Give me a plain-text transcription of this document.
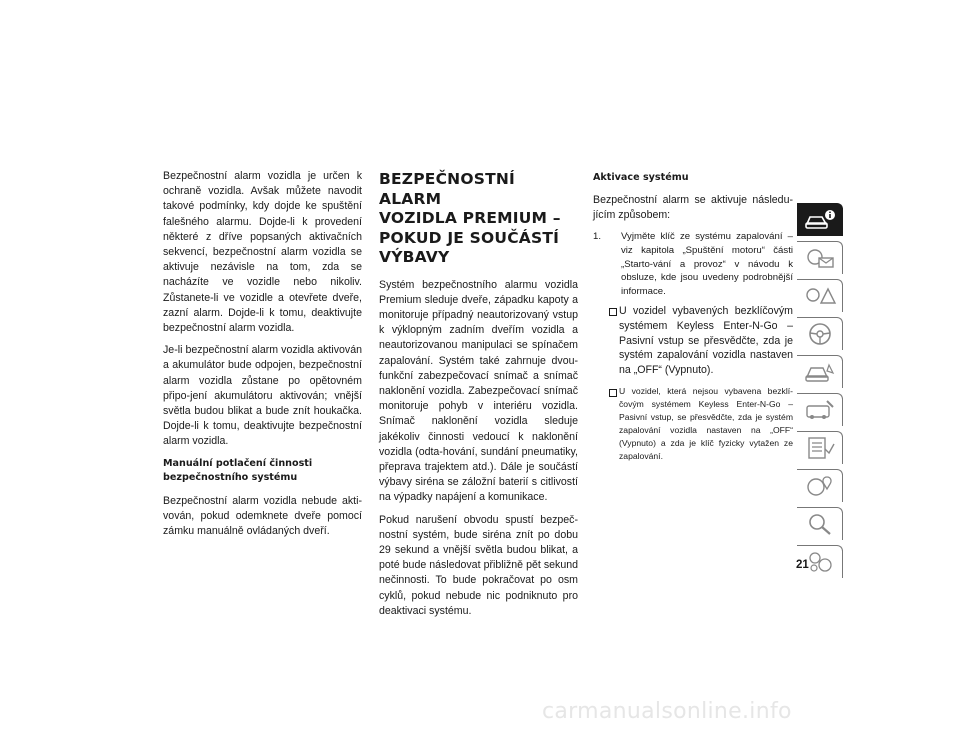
Bezpečnostní alarm vozidla je určen k ochraně vozidla. Avšak můžete navodit takové podmínky, kdy dojde ke spuštění falešného alarmu. Dojde-li k provedení některé z dříve popsaných aktivačních sekvencí, bezpečnostní alarm vozidla se aktivuje nezávisle na tom, zda se nacházíte ve vozidle nebo nikoliv. Zůstanete-li ve vozidle a otevřete dveře, zazní alarm. Dojde-li k tomu, deaktivujte bezpečnostní alarm vozidla.

Je-li bezpečnostní alarm vozidla aktivován a akumulátor bude odpojen, bezpečnostní alarm vozidla zůstane po opětovném připo-jení akumulátoru aktivován; vnější světla budou blikat a bude znít houkačka. Dojde-li k tomu, deaktivujte bezpečnostní alarm vozidla.

Manuální potlačení činnosti
bezpečnostního systému

Bezpečnostní alarm vozidla nebude akti-vován, pokud odemknete dveře pomocí zámku manuálně ovládaných dveří.

BEZPEČNOSTNÍ ALARM
VOZIDLA PREMIUM –
POKUD JE SOUČÁSTÍ
VÝBAVY

Systém bezpečnostního alarmu vozidla Premium sleduje dveře, západku kapoty a monitoruje případný neautorizovaný vstup k výklopným zadním dveřím vozidla a neautorizovanou manipulaci se spínačem zapalování. Systém také zahrnuje dvou-funkční zabezpečovací snímač a snímač naklonění vozidla. Zabezpečovací snímač monitoruje pohyb v interiéru vozidla. Snímač naklonění vozidla sleduje jakékoliv činnosti vedoucí k naklonění vozidla (odta-hování, sundání pneumatiky, přeprava trajektem atd.). Dále je součástí výbavy siréna se záložní baterií s citlivostí na výpadky napájení a komunikace.

Pokud narušení obvodu spustí bezpeč-nostní systém, bude siréna znít po dobu 29 sekund a vnější světla budou blikat, a poté bude následovat přibližně pět sekund nečinnosti. To bude pokračovat po osm cyklů, pokud nebude nic podniknuto pro deaktivaci systému.

Aktivace systému

Bezpečnostní alarm se aktivuje následu-jícím způsobem:

1. Vyjměte klíč ze systému zapalování – viz kapitola „Spuštění motoru“ části „Starto-vání a provoz“ v návodu k obsluze, kde jsou uvedeny podrobnější informace.
U vozidel vybavených bezklíčovým systémem Keyless Enter-N-Go – Pasivní vstup se přesvědčte, zda je systém zapalování vozidla nastaven na „OFF“ (Vypnuto).
U vozidel, která nejsou vybavena bezklí-čovým systémem Keyless Enter-N-Go – Pasivní vstup, se přesvědčte, zda je systém zapalování vozidla nastaven na „OFF“ (Vypnuto) a zda je klíč fyzicky vytažen ze zapalování.
21
carmanualsonline.info
